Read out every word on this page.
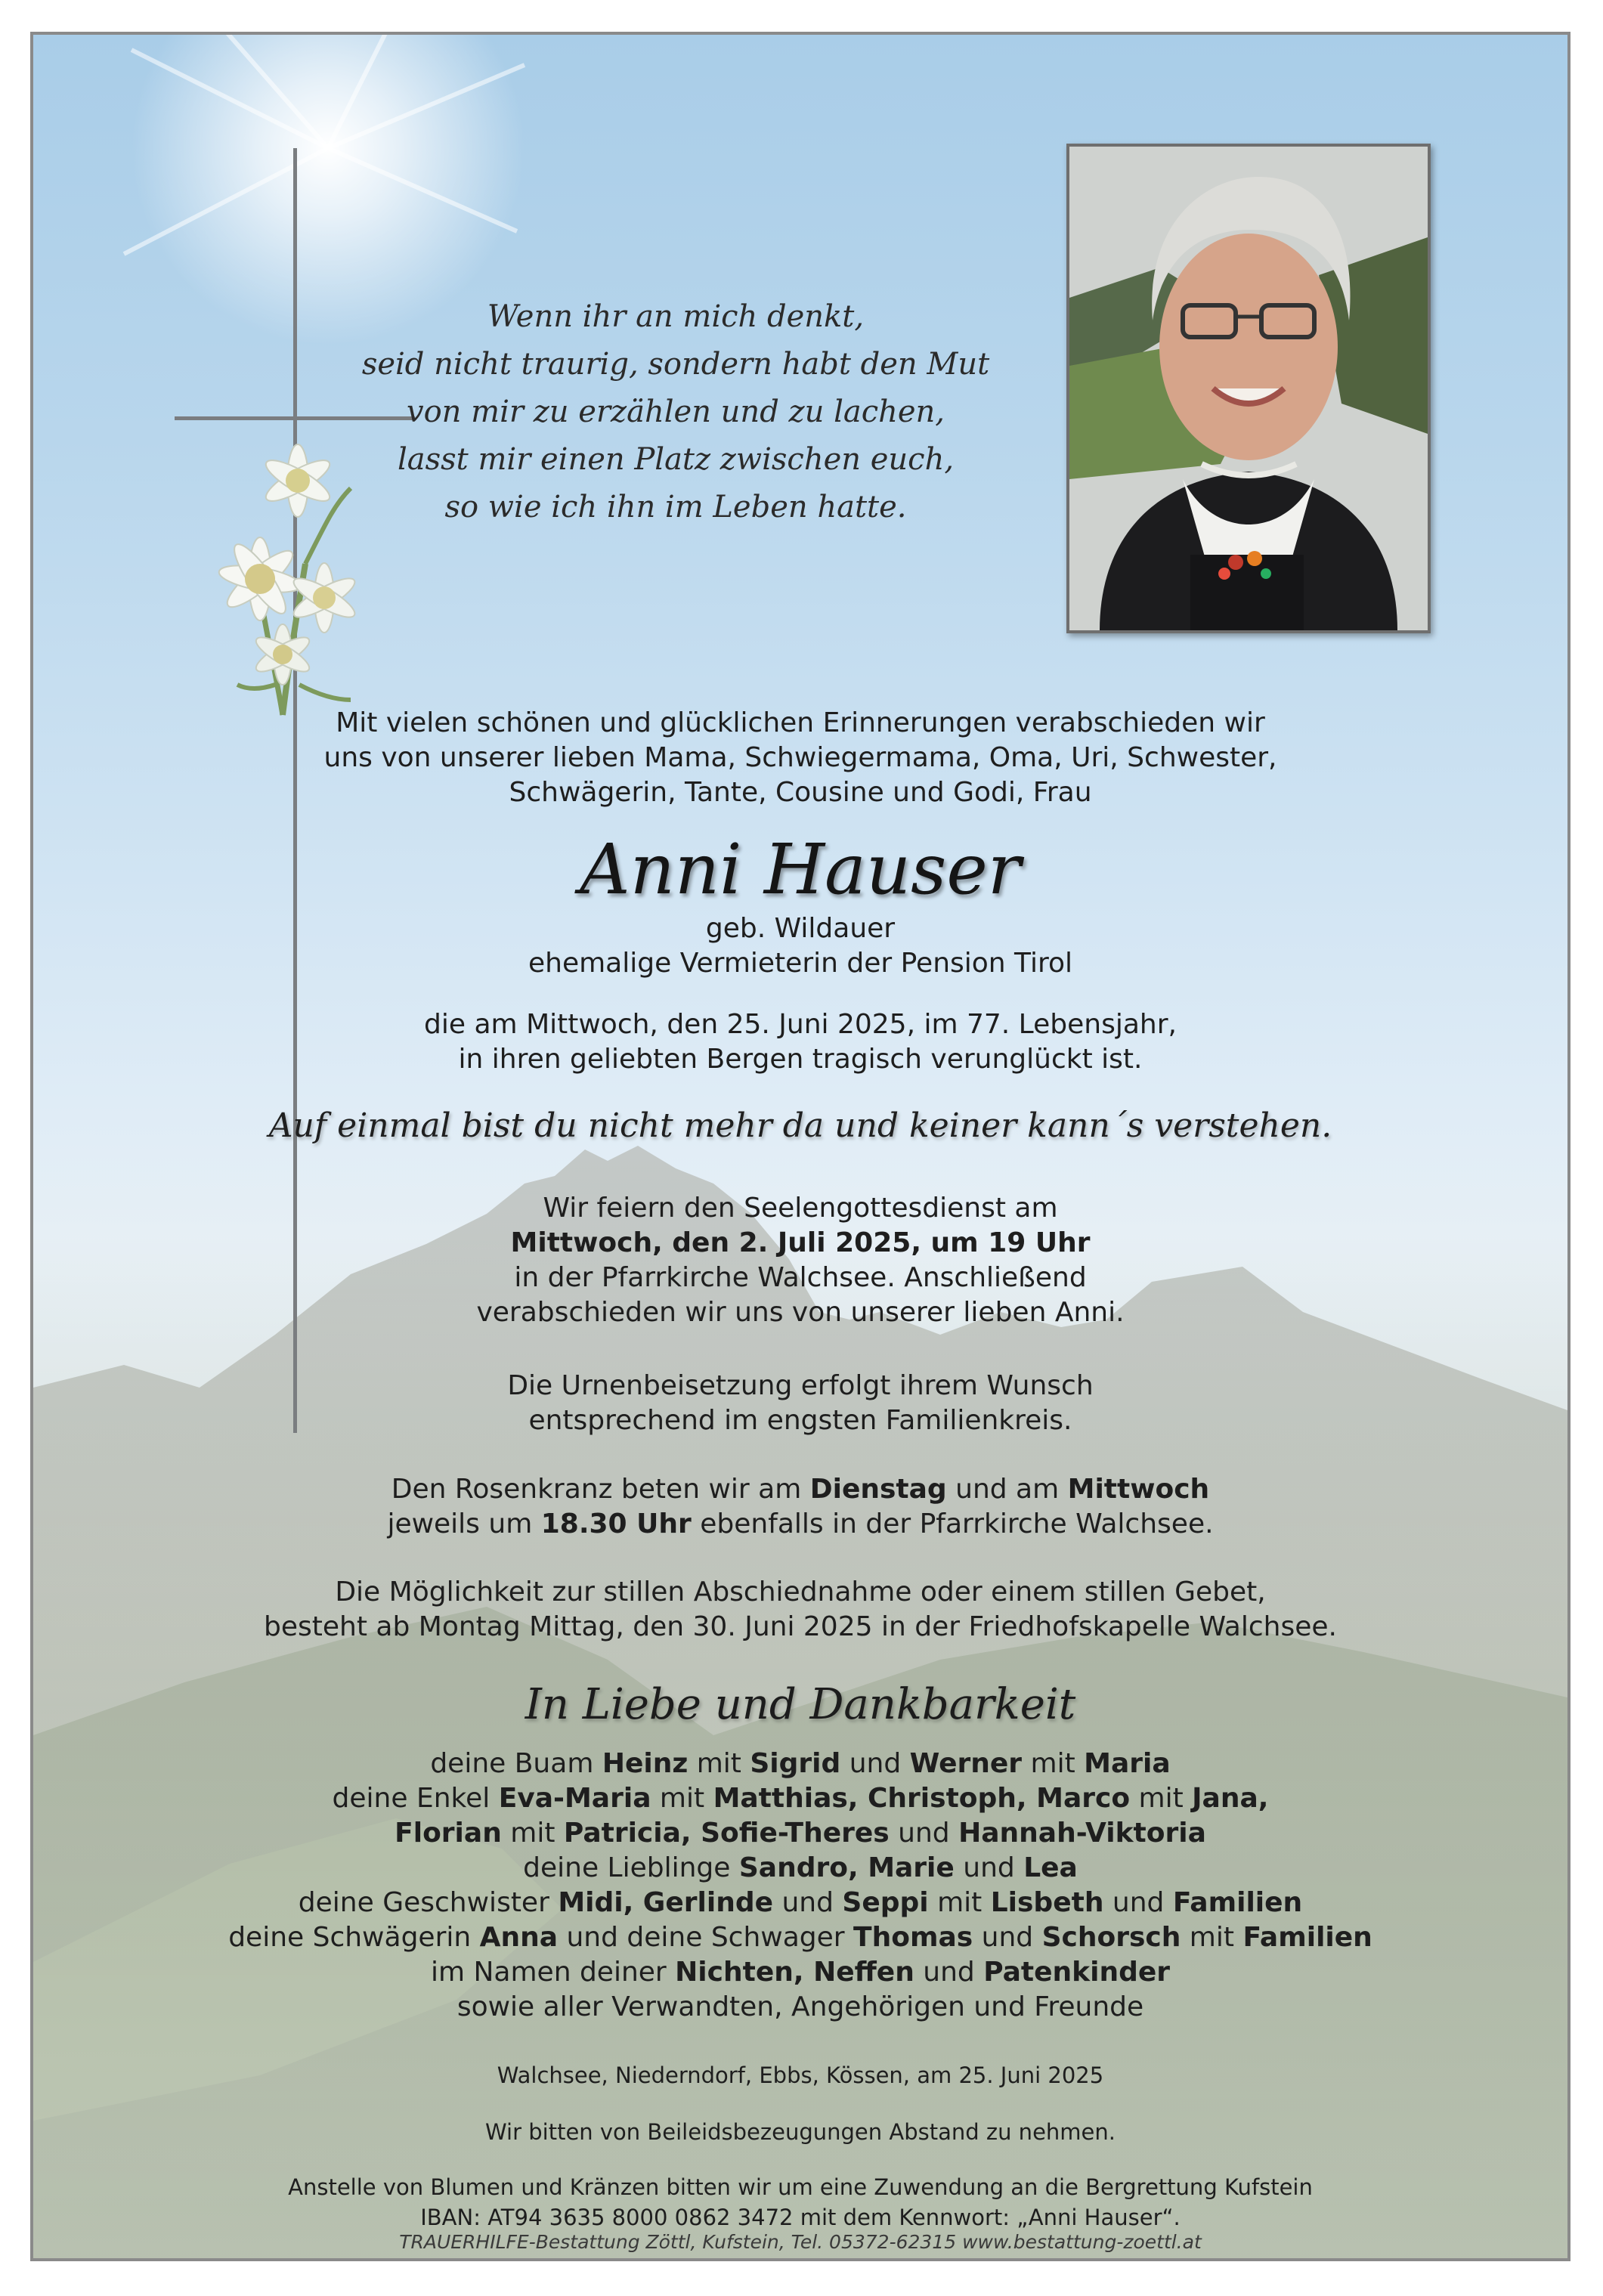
Wenn ihr an mich denkt,
seid nicht traurig, sondern habt den Mut
von mir zu erzählen und zu lachen,
lasst mir einen Platz zwischen euch,
so wie ich ihn im Leben hatte.
Mit vielen schönen und glücklichen Erinnerungen verabschieden wir
uns von unserer lieben Mama, Schwiegermama, Oma, Uri, Schwester,
Schwägerin, Tante, Cousine und Godi, Frau
Anni Hauser
geb. Wildauer
ehemalige Vermieterin der Pension Tirol
die am Mittwoch, den 25. Juni 2025, im 77. Lebensjahr,
in ihren geliebten Bergen tragisch verunglückt ist.
Auf einmal bist du nicht mehr da und keiner kann´s verstehen.
Wir feiern den Seelengottesdienst am
Mittwoch, den 2. Juli 2025, um 19 Uhr
in der Pfarrkirche Walchsee. Anschließend
verabschieden wir uns von unserer lieben Anni.
Die Urnenbeisetzung erfolgt ihrem Wunsch
entsprechend im engsten Familienkreis.
Den Rosenkranz beten wir am Dienstag und am Mittwoch
jeweils um 18.30 Uhr ebenfalls in der Pfarrkirche Walchsee.
Die Möglichkeit zur stillen Abschiednahme oder einem stillen Gebet,
besteht ab Montag Mittag, den 30. Juni 2025 in der Friedhofskapelle Walchsee.
In Liebe und Dankbarkeit
deine Buam Heinz mit Sigrid und Werner mit Maria
deine Enkel Eva-Maria mit Matthias, Christoph, Marco mit Jana,
Florian mit Patricia, Sofie-Theres und Hannah-Viktoria
deine Lieblinge Sandro, Marie und Lea
deine Geschwister Midi, Gerlinde und Seppi mit Lisbeth und Familien
deine Schwägerin Anna und deine Schwager Thomas und Schorsch mit Familien
im Namen deiner Nichten, Neffen und Patenkinder
sowie aller Verwandten, Angehörigen und Freunde
Walchsee, Niederndorf, Ebbs, Kössen, am 25. Juni 2025
Wir bitten von Beileidsbezeugungen Abstand zu nehmen.
Anstelle von Blumen und Kränzen bitten wir um eine Zuwendung an die Bergrettung Kufstein
IBAN: AT94 3635 8000 0862 3472 mit dem Kennwort: „Anni Hauser“.
TRAUERHILFE-Bestattung Zöttl, Kufstein, Tel. 05372-62315 www.bestattung-zoettl.at
